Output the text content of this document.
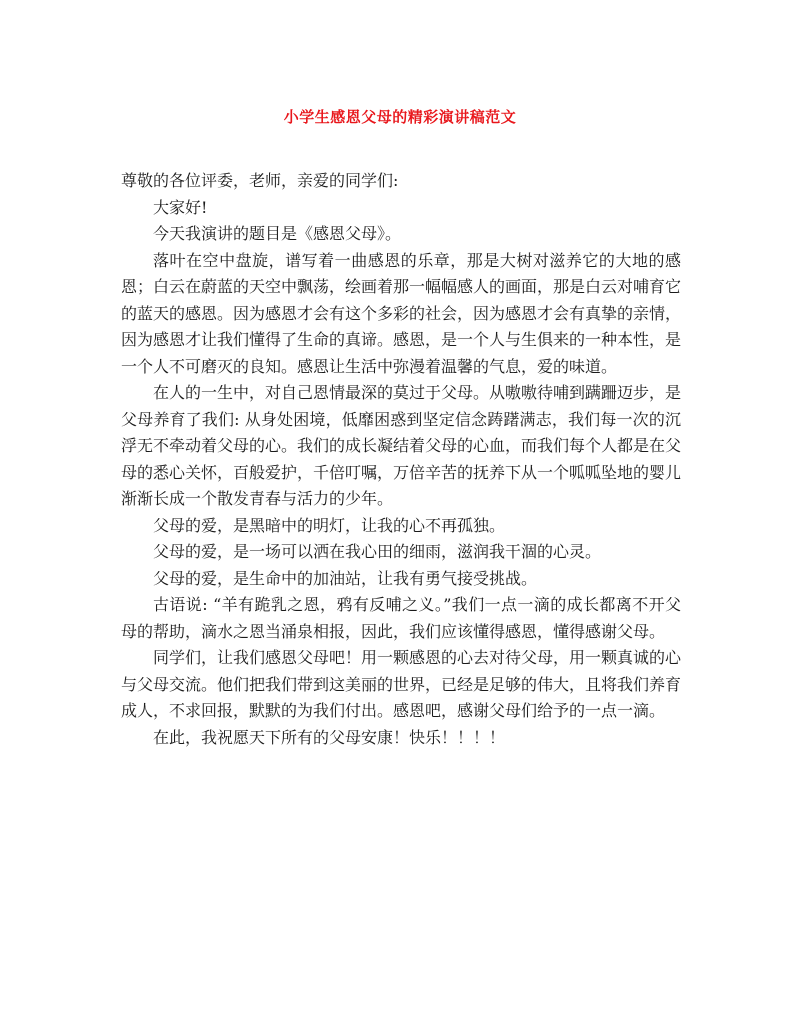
小学生感恩父母的精彩演讲稿范文

尊敬的各位评委，老师，亲爱的同学们:

大家好!

今天我演讲的题目是《感恩父母》。

落叶在空中盘旋，谱写着一曲感恩的乐章，那是大树对滋养它的大地的感恩；白云在蔚蓝的天空中飘荡，绘画着那一幅幅感人的画面，那是白云对哺育它的蓝天的感恩。因为感恩才会有这个多彩的社会，因为感恩才会有真挚的亲情，因为感恩才让我们懂得了生命的真谛。感恩，是一个人与生俱来的一种本性，是一个人不可磨灭的良知。感恩让生活中弥漫着温馨的气息，爱的味道。

在人的一生中，对自己恩情最深的莫过于父母。从嗷嗷待哺到蹒跚迈步，是父母养育了我们: 从身处困境，低靡困惑到坚定信念踌躇满志，我们每一次的沉浮无不牵动着父母的心。我们的成长凝结着父母的心血，而我们每个人都是在父母的悉心关怀，百般爱护，千倍叮嘱，万倍辛苦的抚养下从一个呱呱坠地的婴儿渐渐长成一个散发青春与活力的少年。

父母的爱，是黑暗中的明灯，让我的心不再孤独。

父母的爱，是一场可以洒在我心田的细雨，滋润我干涸的心灵。

父母的爱，是生命中的加油站，让我有勇气接受挑战。

古语说: “羊有跪乳之恩，鸦有反哺之义。”我们一点一滴的成长都离不开父母的帮助，滴水之恩当涌泉相报，因此，我们应该懂得感恩，懂得感谢父母。

同学们，让我们感恩父母吧！用一颗感恩的心去对待父母，用一颗真诚的心与父母交流。他们把我们带到这美丽的世界，已经是足够的伟大，且将我们养育成人，不求回报，默默的为我们付出。感恩吧，感谢父母们给予的一点一滴。

在此，我祝愿天下所有的父母安康！快乐！！！！
